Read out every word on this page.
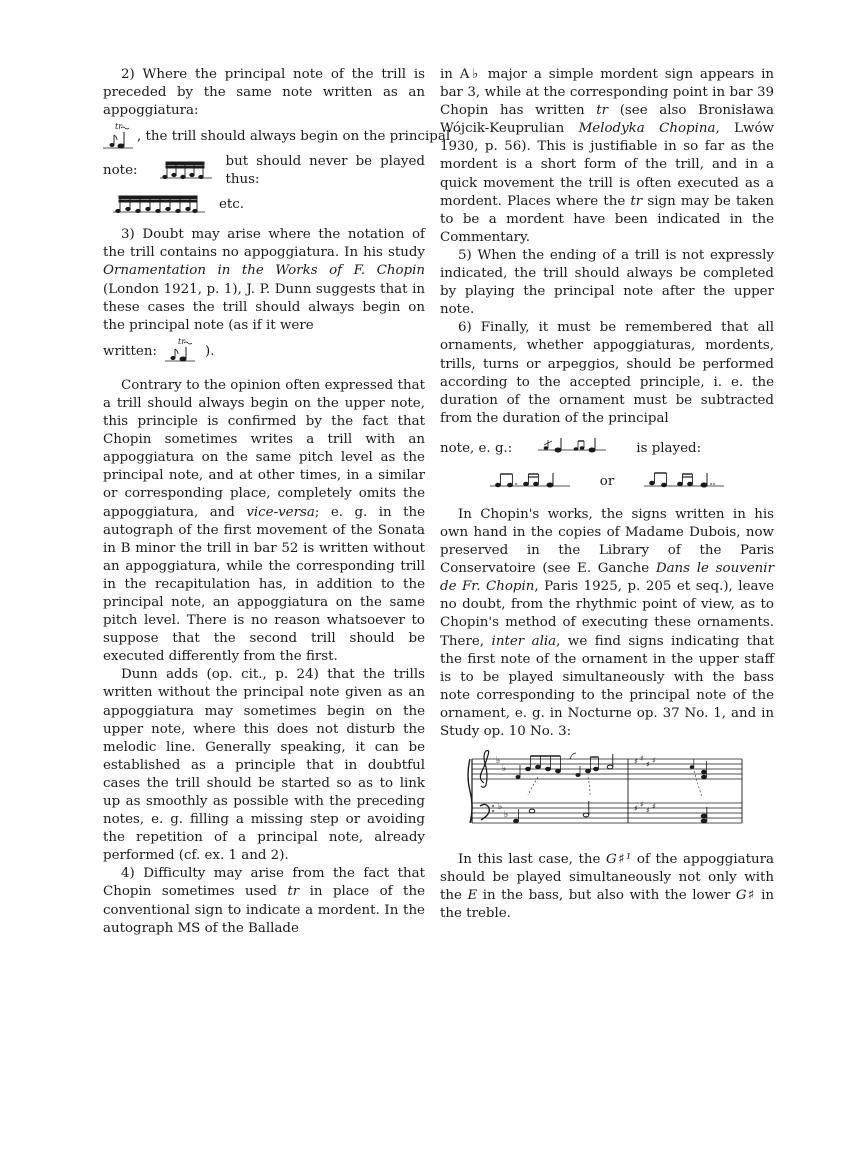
2) Where the principal note of the trill is preceded by the same note written as an appoggiatura:

tr
, the trill should always begin on the principal
note:
but should never be played thus:
etc.

3) Doubt may arise where the notation of the trill contains no appoggiatura. In his study Ornamentation in the Works of F. Chopin (London 1921, p. 1), J. P. Dunn suggests that in these cases the trill should always begin on the principal note (as if it were

written:
tr
).

Contrary to the opinion often expressed that a trill should always begin on the upper note, this principle is confirmed by the fact that Chopin sometimes writes a trill with an appoggiatura on the same pitch level as the principal note, and at other times, in a similar or corresponding place, completely omits the appoggiatura, and vice-versa; e. g. in the autograph of the first movement of the Sonata in B minor the trill in bar 52 is written without an appoggiatura, while the corresponding trill in the recapitulation has, in addition to the principal note, an appoggiatura on the same pitch level. There is no reason whatsoever to suppose that the second trill should be executed differently from the first.

Dunn adds (op. cit., p. 24) that the trills written without the principal note given as an appoggiatura may sometimes begin on the upper note, where this does not disturb the melodic line. Generally speaking, it can be established as a principle that in doubtful cases the trill should be started so as to link up as smoothly as possible with the preceding notes, e. g. filling a missing step or avoiding the repetition of a principal note, already performed (cf. ex. 1 and 2).

4) Difficulty may arise from the fact that Chopin sometimes used tr in place of the conventional sign to indicate a mordent. In the autograph MS of the Ballade

in A♭ major a simple mordent sign appears in bar 3, while at the corresponding point in bar 39 Chopin has written tr (see also Bronisława Wójcik-Keuprulian Melodyka Chopina, Lwów 1930, p. 56). This is justifiable in so far as the mordent is a short form of the trill, and in a quick movement the trill is often executed as a mordent. Places where the tr sign may be taken to be a mordent have been indicated in the Commentary.

5) When the ending of a trill is not expressly indicated, the trill should always be completed by playing the principal note after the upper note.

6) Finally, it must be remembered that all ornaments, whether appoggiaturas, mordents, trills, turns or arpeggios, should be performed according to the accepted principle, i. e. the duration of the ornament must be subtracted from the duration of the principal

note, e. g.:	is played:
or

In Chopin's works, the signs written in his own hand in the copies of Madame Dubois, now preserved in the Library of the Paris Conservatoire (see E. Ganche Dans le souvenir de Fr. Chopin, Paris 1925, p. 205 et seq.), leave no doubt, from the rhythmic point of view, as to Chopin's method of executing these ornaments. There, inter alia, we find signs indicating that the first note of the ornament in the upper staff is to be played simultaneously with the bass note corresponding to the principal note of the ornament, e. g. in Nocturne op. 37 No. 1, and in Study op. 10 No. 3:

♭
♭
♭
♭
♯ ♯
♯ ♯
♯ ♯
♯ ♯

In this last case, the G♯¹ of the appoggiatura should be played simultaneously not only with the E in the bass, but also with the lower G♯ in the treble.
